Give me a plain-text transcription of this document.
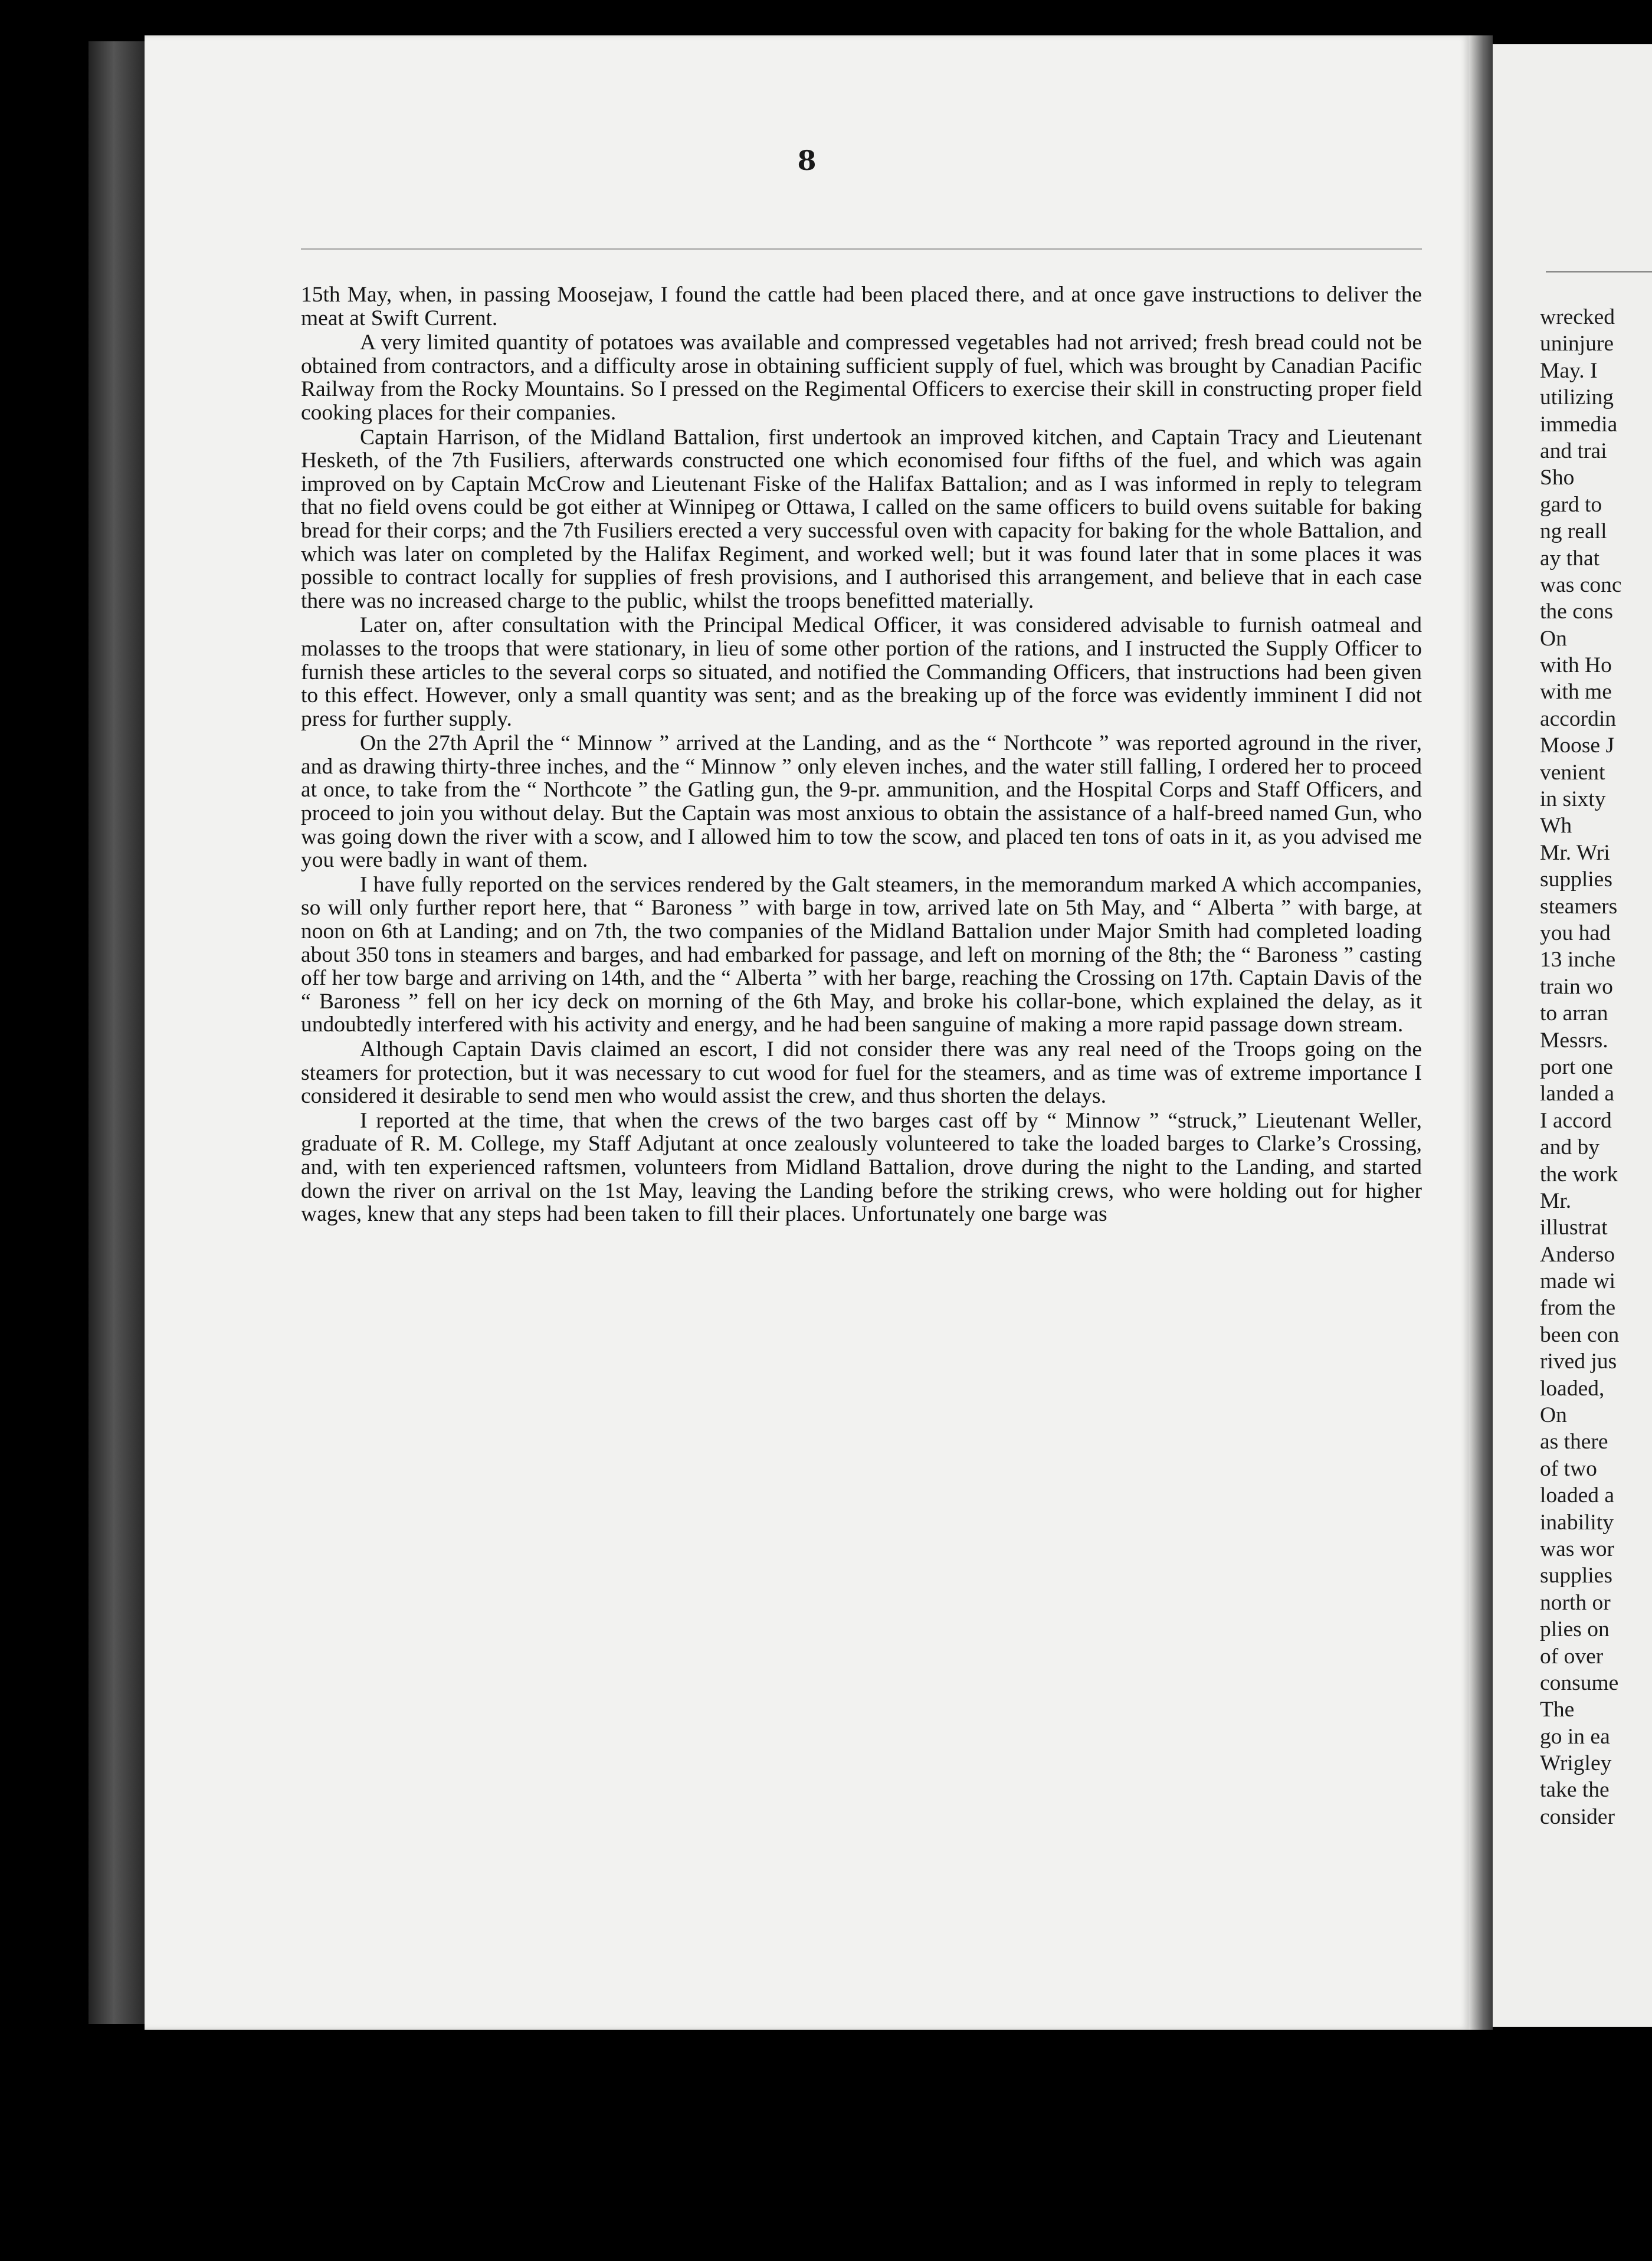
8

15th May, when, in passing Moosejaw, I found the cattle had been placed there, and at once gave instructions to deliver the meat at Swift Current.

A very limited quantity of potatoes was available and compressed vegetables had not arrived; fresh bread could not be obtained from contractors, and a difficulty arose in obtaining sufficient supply of fuel, which was brought by Canadian Pacific Railway from the Rocky Mountains. So I pressed on the Regimental Officers to exercise their skill in constructing proper field cooking places for their companies.

Captain Harrison, of the Midland Battalion, first undertook an improved kitchen, and Captain Tracy and Lieutenant Hesketh, of the 7th Fusiliers, afterwards constructed one which economised four fifths of the fuel, and which was again improved on by Captain McCrow and Lieutenant Fiske of the Halifax Battalion; and as I was informed in reply to telegram that no field ovens could be got either at Winnipeg or Ottawa, I called on the same officers to build ovens suitable for baking bread for their corps; and the 7th Fusiliers erected a very successful oven with capacity for baking for the whole Battalion, and which was later on completed by the Halifax Regiment, and worked well; but it was found later that in some places it was possible to contract locally for supplies of fresh provisions, and I authorised this arrangement, and believe that in each case there was no increased charge to the public, whilst the troops benefitted materially.

Later on, after consultation with the Principal Medical Officer, it was considered advisable to furnish oatmeal and molasses to the troops that were stationary, in lieu of some other portion of the rations, and I instructed the Supply Officer to furnish these articles to the several corps so situated, and notified the Commanding Officers, that instructions had been given to this effect. However, only a small quantity was sent; and as the breaking up of the force was evidently imminent I did not press for further supply.

On the 27th April the “ Minnow ” arrived at the Landing, and as the “ Northcote ” was reported aground in the river, and as drawing thirty-three inches, and the “ Minnow ” only eleven inches, and the water still falling, I ordered her to proceed at once, to take from the “ Northcote ” the Gatling gun, the 9-pr. ammunition, and the Hospital Corps and Staff Officers, and proceed to join you without delay. But the Captain was most anxious to obtain the assistance of a half-breed named Gun, who was going down the river with a scow, and I allowed him to tow the scow, and placed ten tons of oats in it, as you advised me you were badly in want of them.

I have fully reported on the services rendered by the Galt steamers, in the memorandum marked A which accompanies, so will only further report here, that “ Baroness ” with barge in tow, arrived late on 5th May, and “ Alberta ” with barge, at noon on 6th at Landing; and on 7th, the two companies of the Midland Battalion under Major Smith had completed loading about 350 tons in steamers and barges, and had embarked for passage, and left on morning of the 8th; the “ Baroness ” casting off her tow barge and arriving on 14th, and the “ Alberta ” with her barge, reaching the Crossing on 17th. Captain Davis of the “ Baroness ” fell on her icy deck on morning of the 6th May, and broke his collar-bone, which explained the delay, as it undoubtedly interfered with his activity and energy, and he had been sanguine of making a more rapid passage down stream.

Although Captain Davis claimed an escort, I did not consider there was any real need of the Troops going on the steamers for protection, but it was necessary to cut wood for fuel for the steamers, and as time was of extreme importance I considered it desirable to send men who would assist the crew, and thus shorten the delays.

I reported at the time, that when the crews of the two barges cast off by “ Minnow ” “struck,” Lieutenant Weller, graduate of R. M. College, my Staff Adjutant at once zealously volunteered to take the loaded barges to Clarke’s Crossing, and, with ten experienced raftsmen, volunteers from Midland Battalion, drove during the night to the Landing, and started down the river on arrival on the 1st May, leaving the Landing before the striking crews, who were holding out for higher wages, knew that any steps had been taken to fill their places. Unfortunately one barge was

wrecked
uninjure
May. I
utilizing
immedia
and trai
Sho
gard to
ng reall
ay that
was conc
the cons
On
with Ho
with me
accordin
Moose J
venient
in sixty
Wh
Mr. Wri
supplies
steamers
you had
13 inche
train wo
to arran
Messrs.
port one
landed a
I accord
and by
the work
Mr.
illustrat
Anderso
made wi
from the
been con
rived jus
loaded,
On
as there
of two
loaded a
inability
was wor
supplies
north or
plies on
of over
consume
The
go in ea
Wrigley
take the
consider
